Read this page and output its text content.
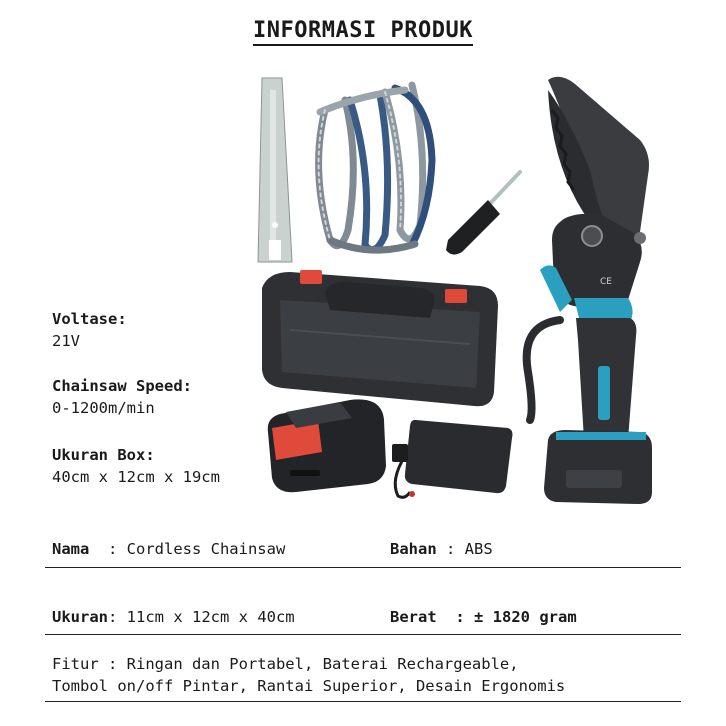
INFORMASI PRODUK
CE
Voltase:
21V
Chainsaw Speed:
0-1200m/min
Ukuran Box:
40cm x 12cm x 19cm
Nama  : Cordless Chainsaw	Bahan : ABS
Ukuran: 11cm x 12cm x 40cm	Berat  : ± 1820 gram
Fitur : Ringan dan Portabel, Baterai Rechargeable,
Tombol on/off Pintar, Rantai Superior, Desain Ergonomis
